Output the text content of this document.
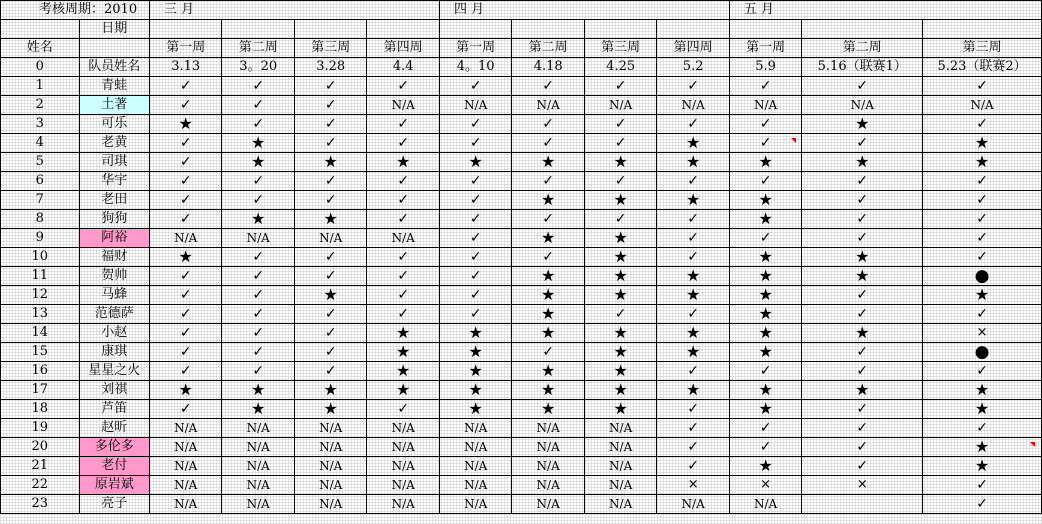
考核周期：2010		三 月				四 月				五 月		
	日期											
姓名		第一周	第二周	第三周	第四周	第一周	第二周	第三周	第四周	第一周	第二周	第三周
0	队员姓名	3.13	3。20	3.28	4.4	4。10	4.18	4.25	5.2	5.9	5.16（联赛1）	5.23（联赛2）
1	青蛙	✓	✓	✓	✓	✓	✓	✓	✓	✓	✓	✓
2	土著	✓	✓	✓	N/A	N/A	N/A	N/A	N/A	N/A	N/A	N/A
3	可乐	★	✓	✓	✓	✓	✓	✓	✓	✓	★	✓
4	老黄	✓	★	✓	✓	✓	✓	✓	★	✓	✓	★
5	司琪	✓	★	★	★	★	★	★	★	★	★	★
6	华宇	✓	✓	✓	✓	✓	✓	✓	✓	✓	✓	✓
7	老田	✓	✓	✓	✓	✓	★	★	★	★	✓	✓
8	狗狗	✓	★	★	✓	✓	✓	✓	✓	★	✓	✓
9	阿裕	N/A	N/A	N/A	N/A	✓	★	★	✓	✓	✓	✓
10	福财	★	✓	✓	✓	✓	✓	★	✓	★	★	✓
11	贺帅	✓	✓	✓	✓	✓	★	★	★	★	★	●
12	马蜂	✓	✓	★	✓	✓	★	★	★	★	✓	★
13	范德萨	✓	✓	✓	✓	✓	★	✓	✓	★	✓	✓
14	小赵	✓	✓	✓	★	★	★	★	★	★	★	×
15	康琪	✓	✓	✓	★	★	✓	★	★	★	✓	●
16	星星之火	✓	✓	✓	★	★	★	★	✓	✓	✓	✓
17	刘祺	★	★	★	★	★	★	★	★	★	★	★
18	芦笛	✓	★	★	✓	★	★	★	✓	★	✓	★
19	赵昕	N/A	N/A	N/A	N/A	N/A	N/A	N/A	✓	✓	✓	✓
20	多伦多	N/A	N/A	N/A	N/A	N/A	N/A	N/A	✓	✓	✓	★
21	老付	N/A	N/A	N/A	N/A	N/A	N/A	N/A	✓	★	✓	★
22	原岩斌	N/A	N/A	N/A	N/A	N/A	N/A	N/A	×	×	×	✓
23	亮子	N/A	N/A	N/A	N/A	N/A	N/A	N/A	N/A	N/A		✓
